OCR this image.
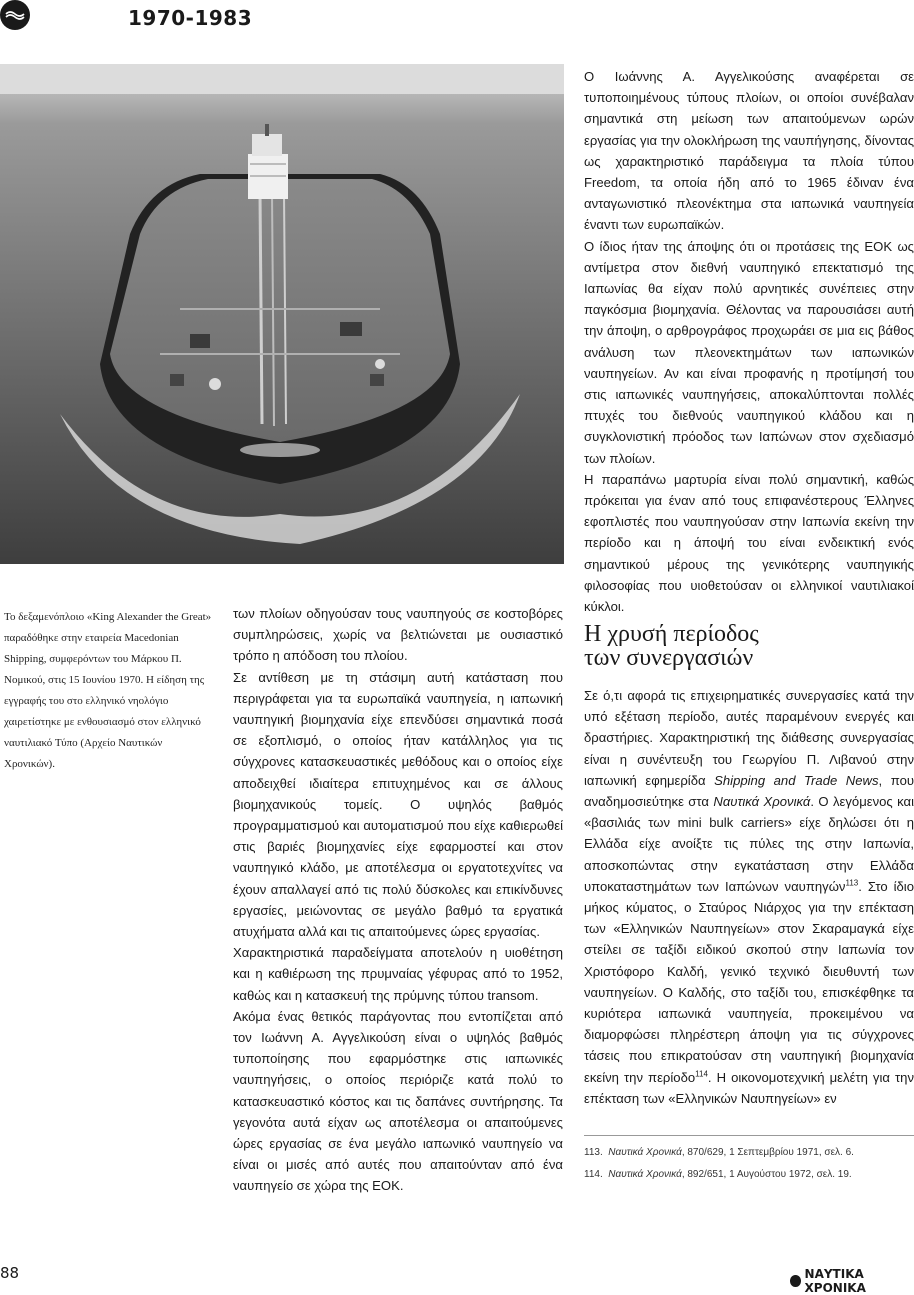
1970-1983
Το δεξαμενόπλοιο «King Alexander the Great» παραδόθηκε στην εταιρεία Macedonian Shipping, συμφερόντων του Μάρκου Π. Νομικού, στις 15 Ιουνίου 1970. Η είδηση της εγγραφής του στο ελληνικό νηολόγιο χαιρετίστηκε με ενθουσιασμό στον ελληνικό ναυτιλιακό Τύπο (Αρχείο Ναυτικών Χρονικών).

των πλοίων οδηγούσαν τους ναυπηγούς σε κοστοβόρες συμπληρώσεις, χωρίς να βελτιώνεται με ουσιαστικό τρόπο η απόδοση του πλοίου.

Σε αντίθεση με τη στάσιμη αυτή κατάσταση που περιγράφεται για τα ευρωπαϊκά ναυπηγεία, η ιαπωνική ναυπηγική βιομηχανία είχε επενδύσει σημαντικά ποσά σε εξοπλισμό, ο οποίος ήταν κατάλληλος για τις σύγχρονες κατασκευαστικές μεθόδους και ο οποίος είχε αποδειχθεί ιδιαίτερα επιτυχημένος και σε άλλους βιομηχανικούς τομείς. Ο υψηλός βαθμός προγραμματισμού και αυτοματισμού που είχε καθιερωθεί στις βαριές βιομηχανίες είχε εφαρμοστεί και στον ναυπηγικό κλάδο, με αποτέλεσμα οι εργατοτεχνίτες να έχουν απαλλαγεί από τις πολύ δύσκολες και επικίνδυνες εργασίες, μειώνοντας σε μεγάλο βαθμό τα εργατικά ατυχήματα αλλά και τις απαιτούμενες ώρες εργασίας.

Χαρακτηριστικά παραδείγματα αποτελούν η υιοθέτηση και η καθιέρωση της πρυμναίας γέφυρας από το 1952, καθώς και η κατασκευή της πρύμνης τύπου transom.

Ακόμα ένας θετικός παράγοντας που εντοπίζεται από τον Ιωάννη Α. Αγγελικούση είναι ο υψηλός βαθμός τυποποίησης που εφαρμόστηκε στις ιαπωνικές ναυπηγήσεις, ο οποίος περιόριζε κατά πολύ το κατασκευαστικό κόστος και τις δαπάνες συντήρησης. Τα γεγονότα αυτά είχαν ως αποτέλεσμα οι απαιτούμενες ώρες εργασίας σε ένα μεγάλο ιαπωνικό ναυπηγείο να είναι οι μισές από αυτές που απαιτούνταν από ένα ναυπηγείο σε χώρα της ΕΟΚ.

Ο Ιωάννης Α. Αγγελικούσης αναφέρεται σε τυποποιημένους τύπους πλοίων, οι οποίοι συνέβαλαν σημαντικά στη μείωση των απαιτούμενων ωρών εργασίας για την ολοκλήρωση της ναυπήγησης, δίνοντας ως χαρακτηριστικό παράδειγμα τα πλοία τύπου Freedom, τα οποία ήδη από το 1965 έδιναν ένα ανταγωνιστικό πλεονέκτημα στα ιαπωνικά ναυπηγεία έναντι των ευρωπαϊκών.

Ο ίδιος ήταν της άποψης ότι οι προτάσεις της ΕΟΚ ως αντίμετρα στον διεθνή ναυπηγικό επεκτατισμό της Ιαπωνίας θα είχαν πολύ αρνητικές συνέπειες στην παγκόσμια βιομηχανία. Θέλοντας να παρουσιάσει αυτή την άποψη, ο αρθρογράφος προχωράει σε μια εις βάθος ανάλυση των πλεονεκτημάτων των ιαπωνικών ναυπηγείων. Αν και είναι προφανής η προτίμησή του στις ιαπωνικές ναυπηγήσεις, αποκαλύπτονται πολλές πτυχές του διεθνούς ναυπηγικού κλάδου και η συγκλονιστική πρόοδος των Ιαπώνων στον σχεδιασμό των πλοίων.

Η παραπάνω μαρτυρία είναι πολύ σημαντική, καθώς πρόκειται για έναν από τους επιφανέστερους Έλληνες εφοπλιστές που ναυπηγούσαν στην Ιαπωνία εκείνη την περίοδο και η άποψή του είναι ενδεικτική ενός σημαντικού μέρους της γενικότερης ναυπηγικής φιλοσοφίας που υιοθετούσαν οι ελληνικοί ναυτιλιακοί κύκλοι.

Η χρυσή περίοδος
των συνεργασιών

Σε ό,τι αφορά τις επιχειρηματικές συνεργασίες κατά την υπό εξέταση περίοδο, αυτές παραμένουν ενεργές και δραστήριες. Χαρακτηριστική της διάθεσης συνεργασίας είναι η συνέντευξη του Γεωργίου Π. Λιβανού στην ιαπωνική εφημερίδα Shipping and Trade News, που αναδημοσιεύτηκε στα Ναυτικά Χρονικά. Ο λεγόμενος και «βασιλιάς των mini bulk carriers» είχε δηλώσει ότι η Ελλάδα είχε ανοίξτε τις πύλες της στην Ιαπωνία, αποσκοπώντας στην εγκατάσταση στην Ελλάδα υποκαταστημάτων των Ιαπώνων ναυπηγών$^{113}$. Στο ίδιο μήκος κύματος, ο Σταύρος Νιάρχος για την επέκταση των «Ελληνικών Ναυπηγείων» στον Σκαραμαγκά είχε στείλει σε ταξίδι ειδικού σκοπού στην Ιαπωνία τον Χριστόφορο Καλδή, γενικό τεχνικό διευθυντή των ναυπηγείων. Ο Καλδής, στο ταξίδι του, επισκέφθηκε τα κυριότερα ιαπωνικά ναυπηγεία, προκειμένου να διαμορφώσει πληρέστερη άποψη για τις σύγχρονες τάσεις που επικρατούσαν στη ναυπηγική βιομηχανία εκείνη την περίοδο$^{114}$. Η οικονομοτεχνική μελέτη για την επέκταση των «Ελληνικών Ναυπηγείων» εν

113. Ναυτικά Χρονικά, 870/629, 1 Σεπτεμβρίου 1971, σελ. 6.
114. Ναυτικά Χρονικά, 892/651, 1 Αυγούστου 1972, σελ. 19.
88	ΝΑΥΤΙΚΑ ΧΡΟΝΙΚΑ
